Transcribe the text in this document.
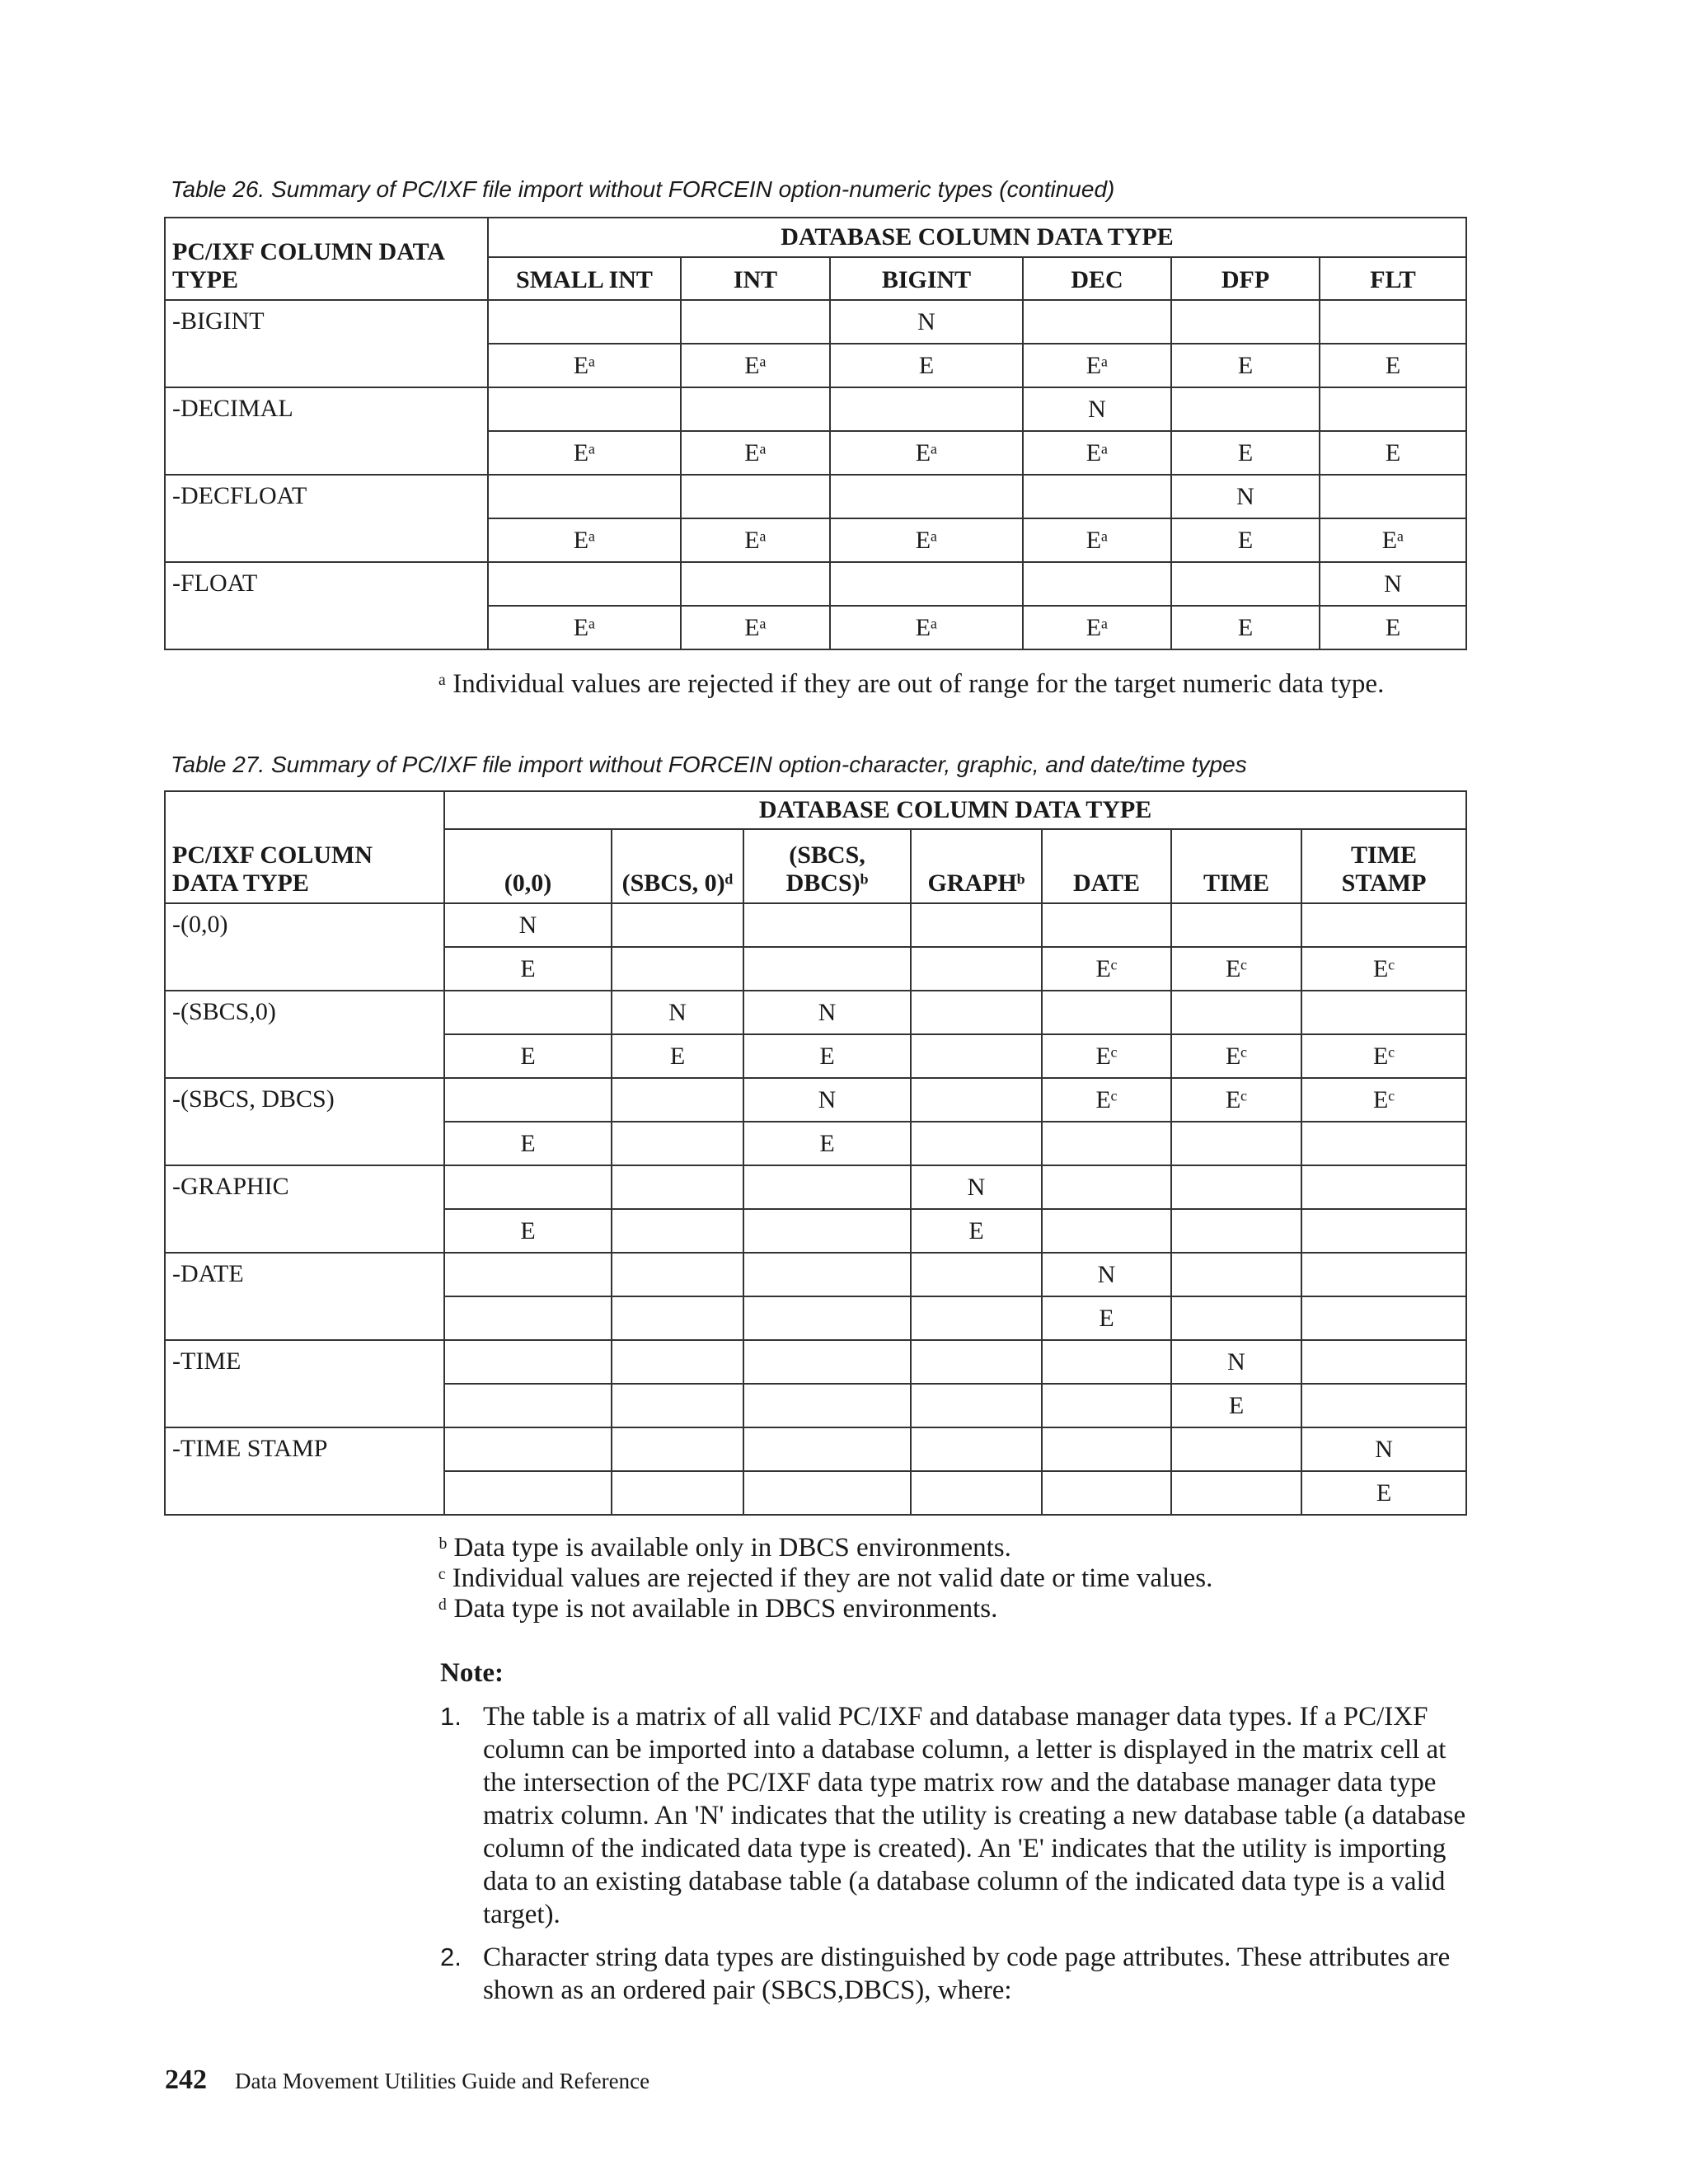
Table 26. Summary of PC/IXF file import without FORCEIN option-numeric types (continued)
PC/IXF COLUMN DATA TYPE	DATABASE COLUMN DATA TYPE					
	SMALL INT	INT	BIGINT	DEC	DFP	FLT
-BIGINT			N			
	Eᵃ	Eᵃ	E	Eᵃ	E	E
-DECIMAL				N		
	Eᵃ	Eᵃ	Eᵃ	Eᵃ	E	E
-DECFLOAT					N	
	Eᵃ	Eᵃ	Eᵃ	Eᵃ	E	Eᵃ
-FLOAT						N
	Eᵃ	Eᵃ	Eᵃ	Eᵃ	E	E
ᵃ Individual values are rejected if they are out of range for the target numeric data type.
Table 27. Summary of PC/IXF file import without FORCEIN option-character, graphic, and date/time types
PC/IXF COLUMN DATA TYPE	DATABASE COLUMN DATA TYPE						
	(0,0)	(SBCS, 0)ᵈ	(SBCS, DBCS)ᵇ	GRAPHᵇ	DATE	TIME	TIME STAMP
-(0,0)	N						
	E				Eᶜ	Eᶜ	Eᶜ
-(SBCS,0)		N	N				
	E	E	E		Eᶜ	Eᶜ	Eᶜ
-(SBCS, DBCS)			N		Eᶜ	Eᶜ	Eᶜ
	E		E				
-GRAPHIC				N			
	E			E			
-DATE					N		
					E		
-TIME						N	
						E	
-TIME STAMP							N
							E
ᵇ Data type is available only in DBCS environments.
ᶜ Individual values are rejected if they are not valid date or time values.
ᵈ Data type is not available in DBCS environments.
Note:
1. The table is a matrix of all valid PC/IXF and database manager data types. If a PC/IXF column can be imported into a database column, a letter is displayed in the matrix cell at the intersection of the PC/IXF data type matrix row and the database manager data type matrix column. An 'N' indicates that the utility is creating a new database table (a database column of the indicated data type is created). An 'E' indicates that the utility is importing data to an existing database table (a database column of the indicated data type is a valid target).
2. Character string data types are distinguished by code page attributes. These attributes are shown as an ordered pair (SBCS,DBCS), where:
242 Data Movement Utilities Guide and Reference
